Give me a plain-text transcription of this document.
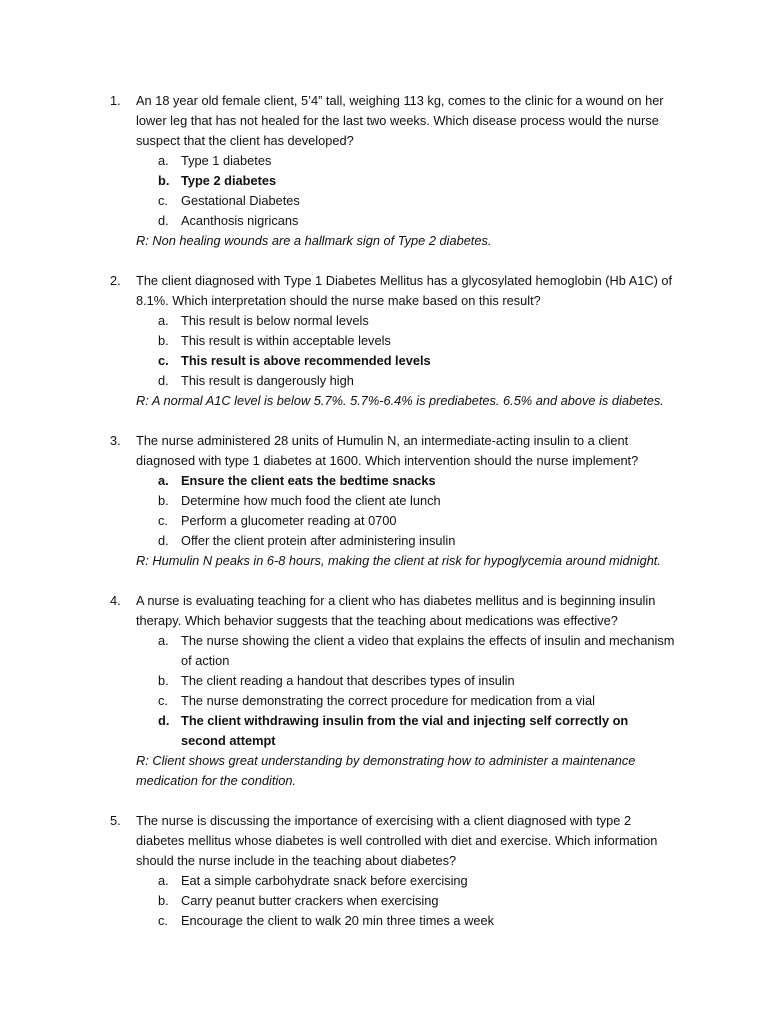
1. An 18 year old female client, 5’4” tall, weighing 113 kg, comes to the clinic for a wound on her lower leg that has not healed for the last two weeks. Which disease process would the nurse suspect that the client has developed?
a. Type 1 diabetes
b. Type 2 diabetes
c. Gestational Diabetes
d. Acanthosis nigricans
R: Non healing wounds are a hallmark sign of Type 2 diabetes.
2. The client diagnosed with Type 1 Diabetes Mellitus has a glycosylated hemoglobin (Hb A1C) of 8.1%. Which interpretation should the nurse make based on this result?
a. This result is below normal levels
b. This result is within acceptable levels
c. This result is above recommended levels
d. This result is dangerously high
R: A normal A1C level is below 5.7%. 5.7%-6.4% is prediabetes. 6.5% and above is diabetes.
3. The nurse administered 28 units of Humulin N, an intermediate-acting insulin to a client diagnosed with type 1 diabetes at 1600. Which intervention should the nurse implement?
a. Ensure the client eats the bedtime snacks
b. Determine how much food the client ate lunch
c. Perform a glucometer reading at 0700
d. Offer the client protein after administering insulin
R: Humulin N peaks in 6-8 hours, making the client at risk for hypoglycemia around midnight.
4. A nurse is evaluating teaching for a client who has diabetes mellitus and is beginning insulin therapy. Which behavior suggests that the teaching about medications was effective?
a. The nurse showing the client a video that explains the effects of insulin and mechanism of action
b. The client reading a handout that describes types of insulin
c. The nurse demonstrating the correct procedure for medication from a vial
d. The client withdrawing insulin from the vial and injecting self correctly on second attempt
R: Client shows great understanding by demonstrating how to administer a maintenance medication for the condition.
5. The nurse is discussing the importance of exercising with a client diagnosed with type 2 diabetes mellitus whose diabetes is well controlled with diet and exercise. Which information should the nurse include in the teaching about diabetes?
a. Eat a simple carbohydrate snack before exercising
b. Carry peanut butter crackers when exercising
c. Encourage the client to walk 20 min three times a week
